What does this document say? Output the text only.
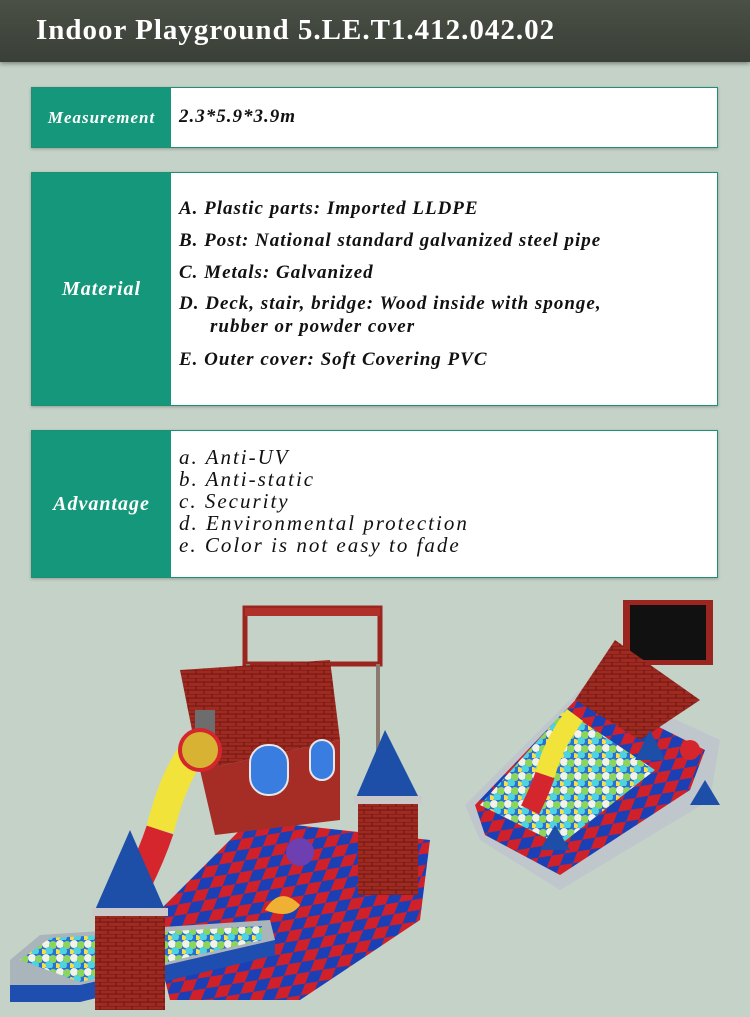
Indoor Playground 5.LE.T1.412.042.02
Measurement	2.3*5.9*3.9m
Material
A. Plastic parts: Imported LLDPE
B. Post: National standard galvanized steel pipe
C. Metals: Galvanized
D. Deck, stair, bridge: Wood inside with sponge,
rubber or powder cover
E. Outer cover: Soft Covering PVC
Advantage
a. Anti-UV
b. Anti-static
c. Security
d. Environmental protection
e. Color is not easy to fade
